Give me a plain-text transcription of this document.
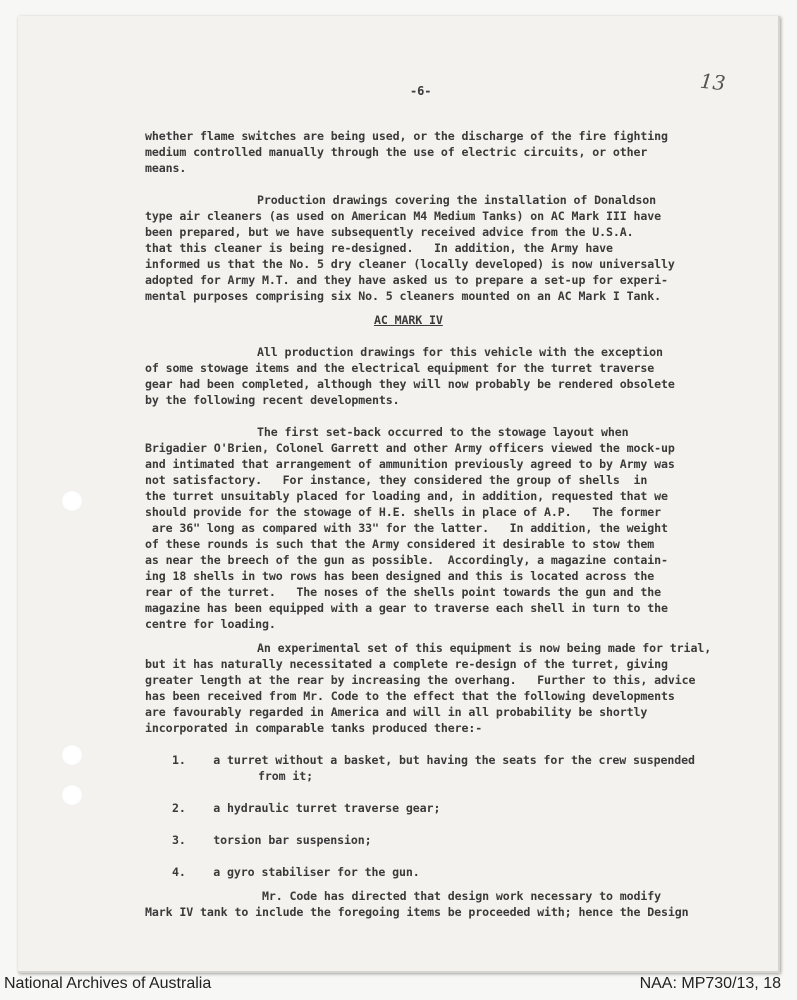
-6-	13
AC MARK IV
whether flame switches are being used, or the discharge of the fire fighting
medium controlled manually through the use of electric circuits, or other
means.
Production drawings covering the installation of Donaldson
type air cleaners (as used on American M4 Medium Tanks) on AC Mark III have
been prepared, but we have subsequently received advice from the U.S.A.
that this cleaner is being re-designed.   In addition, the Army have
informed us that the No. 5 dry cleaner (locally developed) is now universally
adopted for Army M.T. and they have asked us to prepare a set-up for experi-
mental purposes comprising six No. 5 cleaners mounted on an AC Mark I Tank.
All production drawings for this vehicle with the exception
of some stowage items and the electrical equipment for the turret traverse
gear had been completed, although they will now probably be rendered obsolete
by the following recent developments.
The first set-back occurred to the stowage layout when
Brigadier O'Brien, Colonel Garrett and other Army officers viewed the mock-up
and intimated that arrangement of ammunition previously agreed to by Army was
not satisfactory.   For instance, they considered the group of shells  in
the turret unsuitably placed for loading and, in addition, requested that we
should provide for the stowage of H.E. shells in place of A.P.   The former
are 36" long as compared with 33" for the latter.   In addition, the weight
of these rounds is such that the Army considered it desirable to stow them
as near the breech of the gun as possible.  Accordingly, a magazine contain-
ing 18 shells in two rows has been designed and this is located across the
rear of the turret.   The noses of the shells point towards the gun and the
magazine has been equipped with a gear to traverse each shell in turn to the
centre for loading.
An experimental set of this equipment is now being made for trial,
but it has naturally necessitated a complete re-design of the turret, giving
greater length at the rear by increasing the overhang.   Further to this, advice
has been received from Mr. Code to the effect that the following developments
are favourably regarded in America and will in all probability be shortly
incorporated in comparable tanks produced there:-
1.    a turret without a basket, but having the seats for the crew suspended
from it;
2.    a hydraulic turret traverse gear;
3.    torsion bar suspension;
4.    a gyro stabiliser for the gun.
Mr. Code has directed that design work necessary to modify
Mark IV tank to include the foregoing items be proceeded with; hence the Design
National Archives of Australia	NAA: MP730/13, 18
